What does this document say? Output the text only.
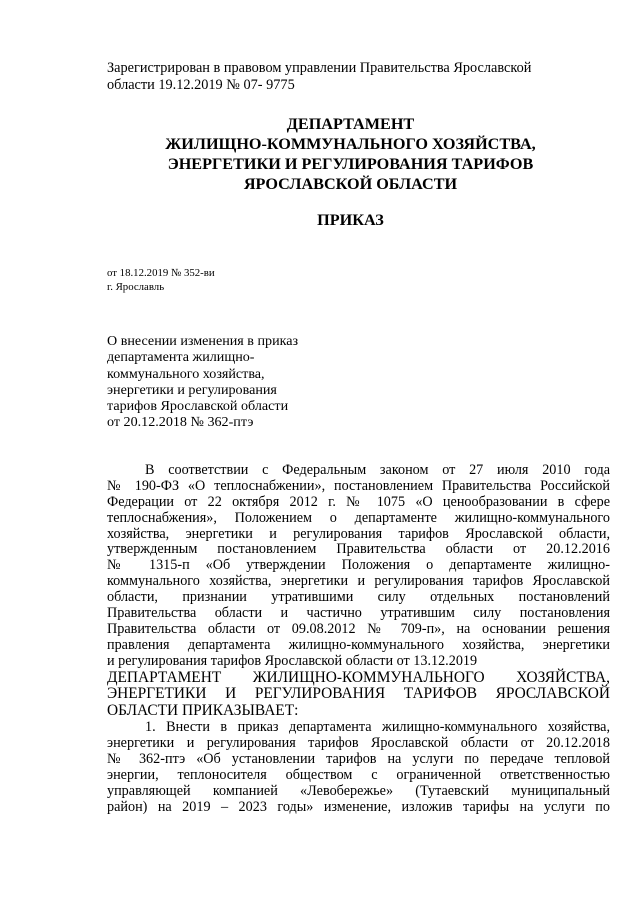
Зарегистрирован в правовом управлении Правительства Ярославской
области 19.12.2019 № 07- 9775
ДЕПАРТАМЕНТ
ЖИЛИЩНО-КОММУНАЛЬНОГО ХОЗЯЙСТВА,
ЭНЕРГЕТИКИ И РЕГУЛИРОВАНИЯ ТАРИФОВ
ЯРОСЛАВСКОЙ ОБЛАСТИ
ПРИКАЗ
от 18.12.2019 № 352-ви
г. Ярославль
О внесении изменения в приказ
департамента жилищно-
коммунального хозяйства,
энергетики и регулирования
тарифов Ярославской области
от 20.12.2018 № 362-птэ
В соответствии с Федеральным законом от 27 июля 2010 года
№ 190-ФЗ «О теплоснабжении», постановлением Правительства Российской
Федерации от 22 октября 2012 г. № 1075 «О ценообразовании в сфере
теплоснабжения», Положением о департаменте жилищно-коммунального
хозяйства, энергетики и регулирования тарифов Ярославской области,
утвержденным постановлением Правительства области от 20.12.2016
№ 1315-п «Об утверждении Положения о департаменте жилищно-
коммунального хозяйства, энергетики и регулирования тарифов Ярославской
области, признании утратившими силу отдельных постановлений
Правительства области и частично утратившим силу постановления
Правительства области от 09.08.2012 № 709-п», на основании решения
правления департамента жилищно-коммунального хозяйства, энергетики
и регулирования тарифов Ярославской области от 13.12.2019
ДЕПАРТАМЕНТ ЖИЛИЩНО-КОММУНАЛЬНОГО ХОЗЯЙСТВА,
ЭНЕРГЕТИКИ И РЕГУЛИРОВАНИЯ ТАРИФОВ ЯРОСЛАВСКОЙ
ОБЛАСТИ ПРИКАЗЫВАЕТ:
1. Внести в приказ департамента жилищно-коммунального хозяйства,
энергетики и регулирования тарифов Ярославской области от 20.12.2018
№ 362-птэ «Об установлении тарифов на услуги по передаче тепловой
энергии, теплоносителя обществом с ограниченной ответственностью
управляющей компанией «Левобережье» (Тутаевский муниципальный
район) на 2019 – 2023 годы» изменение, изложив тарифы на услуги по
